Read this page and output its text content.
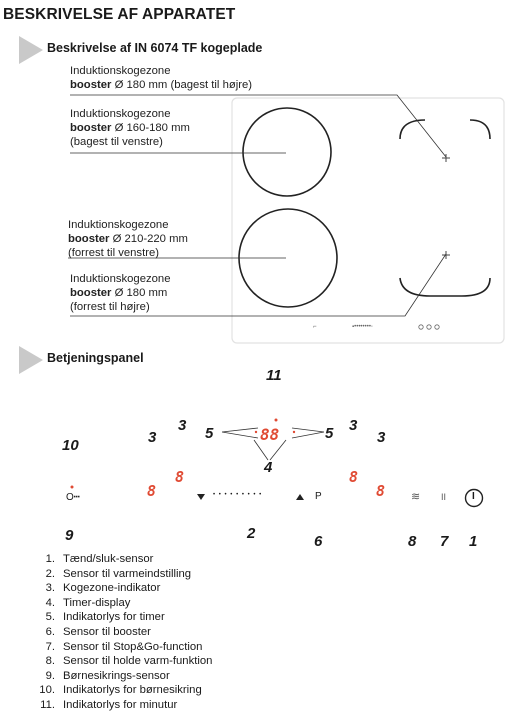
BESKRIVELSE AF APPARATET
Beskrivelse af IN 6074 TF kogeplade
Induktionskogezone
booster Ø 180 mm (bagest til højre)
Induktionskogezone
booster Ø 160-180 mm
(bagest til venstre)
Induktionskogezone
booster Ø 210-220 mm
(forrest til venstre)
Induktionskogezone
booster Ø 180 mm
(forrest til højre)
⌐	▪••••••••◦
Betjeningspanel
11
10
9
3
3 5	5 3
3
4
2	6	8 7 1
8
8
88
8
8
O┅	• • • • • • • • •	P	≋ II	I
1. Tænd/sluk-sensor
2. Sensor til varmeindstilling
3. Kogezone-indikator
4. Timer-display
5. Indikatorlys for timer
6. Sensor til booster
7. Sensor til Stop&Go-function
8. Sensor til holde varm-funktion
9. Børnesikrings-sensor
10. Indikatorlys for børnesikring
11. Indikatorlys for minutur
